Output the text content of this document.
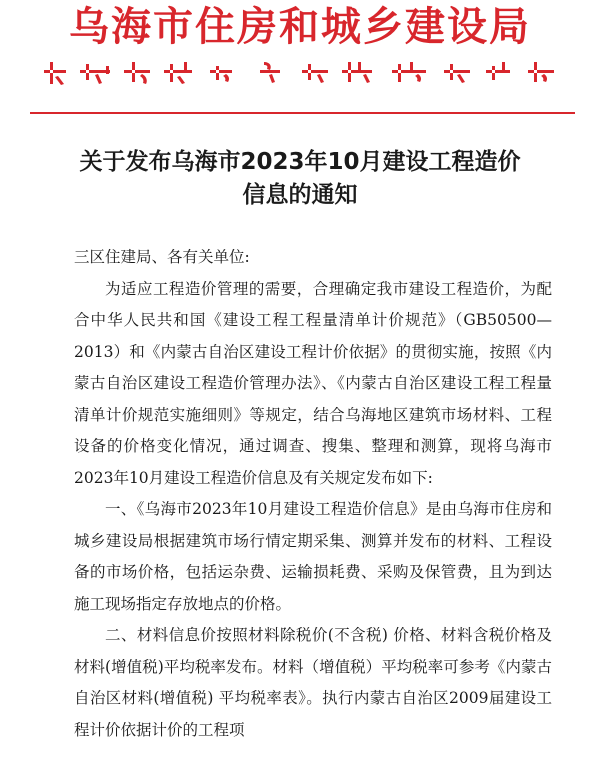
乌海市住房和城乡建设局
关于发布乌海市2023年10月建设工程造价
信息的通知

三区住建局、各有关单位:

为适应工程造价管理的需要，合理确定我市建设工程造价，为配合中华人民共和国《建设工程工程量清单计价规范》（GB50500—2013）和《内蒙古自治区建设工程计价依据》的贯彻实施，按照《内蒙古自治区建设工程造价管理办法》、《内蒙古自治区建设工程工程量清单计价规范实施细则》等规定，结合乌海地区建筑市场材料、工程设备的价格变化情况，通过调查、搜集、整理和测算，现将乌海市2023年10月建设工程造价信息及有关规定发布如下:

一、《乌海市2023年10月建设工程造价信息》是由乌海市住房和城乡建设局根据建筑市场行情定期采集、测算并发布的材料、工程设备的市场价格，包括运杂费、运输损耗费、采购及保管费，且为到达施工现场指定存放地点的价格。

二、材料信息价按照材料除税价(不含税) 价格、材料含税价格及材料(增值税)平均税率发布。材料（增值税）平均税率可参考《内蒙古自治区材料(增值税) 平均税率表》。执行内蒙古自治区2009届建设工程计价依据计价的工程项
